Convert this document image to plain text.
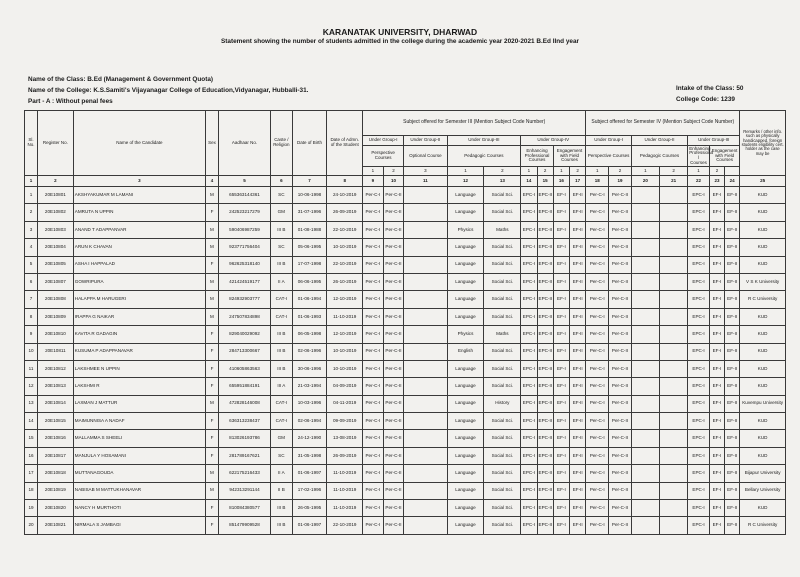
KARANATAK UNIVERSITY, DHARWAD
Statement showing the number of students admitted in the college during the academic year 2020-2021 B.Ed IInd year
Name of the Class: B.Ed (Management & Government Quota)
Name of the College: K.S.Samiti's Vijayanagar College of Education,Vidyanagar, Hubballi-31.
Part - A : Without penal fees
Intake of the Class: 50
College Code: 1239
Sl. No.	Register No.	Name of the Candidate	Sex	Aadhaar No.	Caste / Religion	Date of Birth	Date of Admn. of the Student	Subject offered for Semester III (Mention Subject Code Number)									Subject offered for Semester IV (Mention Subject Code Number)							Remarks / other info. such as physically handicapped, foreign students eligibility cert. holder as the case may be
								Under Group-I		Under Group-II	Under Group-III		Under Group-IV				Under Group-I		Under Group-II		Under Group-III			
								Perspective Courses		Optional Course	Pedagogic Courses		Enhancing Professional Courses		Engagement with Field Courses		Perspective Courses		Pedagogic Courses		Enhancing Professiona l Courses	Engagement with Field Courses		
								1	2	3	1	2	1	2	1	2	1	2	1	2	1	2		
1	2	3	4	5	6	7	8	9	10	11	12	13	14	15	16	17	18	19	20	21	22	23	24	25
1	20E10801	AKSHYAKUMAR M LAMANI	M	655363144361	SC	10-06-1998	24-10-2019	Per-C-I	Per-C-II		Language	Social Sci.	EPC-I	EPC-II	EF-I	EF-II	Per-C-I	Per-C-II			EPC-I	EF-I	EF-II	KUD
2	20E10802	AMRUTA N UPPIN	F	242523217279	GM	31-07-1996	26-09-2019	Per-C-I	Per-C-II		Language	Social Sci.	EPC-I	EPC-II	EF-I	EF-II	Per-C-I	Per-C-II			EPC-I	EF-I	EF-II	KUD
3	20E10803	ANAND T ADAPPANVAR	M	590406987259	III B	01-08-1988	22-10-2019	Per-C-I	Per-C-II		Physics	Maths	EPC-I	EPC-II	EF-I	EF-II	Per-C-I	Per-C-II			EPC-I	EF-I	EF-II	KUD
4	20E10804	ARUN K CHAVAN	M	923771756404	SC	05-06-1995	10-10-2019	Per-C-I	Per-C-II		Language	Social Sci.	EPC-I	EPC-II	EF-I	EF-II	Per-C-I	Per-C-II			EPC-I	EF-I	EF-II	KUD
5	20E10805	ASHA I HAPPALAD	F	962625318140	III B	17-07-1998	22-10-2019	Per-C-I	Per-C-II		Language	Social Sci.	EPC-I	EPC-II	EF-I	EF-II	Per-C-I	Per-C-II			EPC-I	EF-I	EF-II	KUD
6	20E10807	GOWRIPURA	M	421424519177	II A	06-06-1995	26-10-2019	Per-C-I	Per-C-II		Language	Social Sci.	EPC-I	EPC-II	EF-I	EF-II	Per-C-I	Per-C-II			EPC-I	EF-I	EF-II	V S K University
7	20E10808	HALAPPA M HARUGERI	M	824932903777	CAT-I	01-06-1994	12-10-2019	Per-C-I	Per-C-II		Language	Social Sci.	EPC-I	EPC-II	EF-I	EF-II	Per-C-I	Per-C-II			EPC-I	EF-I	EF-II	R C University
8	20E10809	IRAPPA G NAIKAR	M	247507834898	CAT-I	01-06-1993	11-10-2019	Per-C-I	Per-C-II		Language	Social Sci.	EPC-I	EPC-II	EF-I	EF-II	Per-C-I	Per-C-II			EPC-I	EF-I	EF-II	KUD
9	20E10810	KAVITA R GADAGIN	F	829040029092	III B	06-05-1998	12-10-2019	Per-C-I	Per-C-II		Physics	Maths	EPC-I	EPC-II	EF-I	EF-II	Per-C-I	Per-C-II			EPC-I	EF-I	EF-II	KUD
10	20E10811	KUSUMA P ADAPPANAVAR	F	284713300667	III B	02-06-1996	10-10-2019	Per-C-I	Per-C-II		English	Social Sci.	EPC-I	EPC-II	EF-I	EF-II	Per-C-I	Per-C-II			EPC-I	EF-I	EF-II	KUD
11	20E10812	LAKSHMEE N UPPIN	F	410605863563	III B	30-06-1996	10-10-2019	Per-C-I	Per-C-II		Language	Social Sci.	EPC-I	EPC-II	EF-I	EF-II	Per-C-I	Per-C-II			EPC-I	EF-I	EF-II	KUD
12	20E10813	LAKSHMI R	F	655951884191	III A	21-03-1994	04-09-2019	Per-C-I	Per-C-II		Language	Social Sci.	EPC-I	EPC-II	EF-I	EF-II	Per-C-I	Per-C-II			EPC-I	EF-I	EF-II	KUD
13	20E10814	LAXMAN J MATTUR	M	472828146008	CAT-I	10-03-1996	04-11-2019	Per-C-I	Per-C-II		Language	History	EPC-I	EPC-II	EF-I	EF-II	Per-C-I	Per-C-II			EPC-I	EF-I	EF-II	Kuvempu University
14	20E10815	MAIMUNNISA A NADAF	F	636313238437	CAT-I	02-06-1994	09-09-2019	Per-C-I	Per-C-II		Language	Social Sci.	EPC-I	EPC-II	EF-I	EF-II	Per-C-I	Per-C-II			EPC-I	EF-I	EF-II	KUD
15	20E10816	MALLAMMA S SHEELI	F	813026193786	GM	24-12-1990	13-08-2019	Per-C-I	Per-C-II		Language	Social Sci.	EPC-I	EPC-II	EF-I	EF-II	Per-C-I	Per-C-II			EPC-I	EF-I	EF-II	KUD
16	20E10817	MANJULA Y HOSAMANI	F	281789167621	SC	31-05-1998	26-09-2019	Per-C-I	Per-C-II		Language	Social Sci.	EPC-I	EPC-II	EF-I	EF-II	Per-C-I	Per-C-II			EPC-I	EF-I	EF-II	KUD
17	20E10818	MUTTANAGOUDA	M	622175216433	II A	01-06-1997	11-10-2019	Per-C-I	Per-C-II		Language	Social Sci.	EPC-I	EPC-II	EF-I	EF-II	Per-C-I	Per-C-II			EPC-I	EF-I	EF-II	Bijapur University
18	20E10819	NABISAB M MATTUKHANAVAR	M	942313291144	II B	17-02-1996	11-10-2019	Per-C-I	Per-C-II		Language	Social Sci.	EPC-I	EPC-II	EF-I	EF-II	Per-C-I	Per-C-II			EPC-I	EF-I	EF-II	Bellary University
19	20E10820	NANCY H MURTHOTI	F	810084380577	III B	26-05-1995	11-10-2019	Per-C-I	Per-C-II		Language	Social Sci.	EPC-I	EPC-II	EF-I	EF-II	Per-C-I	Per-C-II			EPC-I	EF-I	EF-II	KUD
20	20E10821	NIRMALA S JAMBAGI	F	851479909528	III B	01-06-1997	22-10-2019	Per-C-I	Per-C-II		Language	Social Sci.	EPC-I	EPC-II	EF-I	EF-II	Per-C-I	Per-C-II			EPC-I	EF-I	EF-II	R C University
